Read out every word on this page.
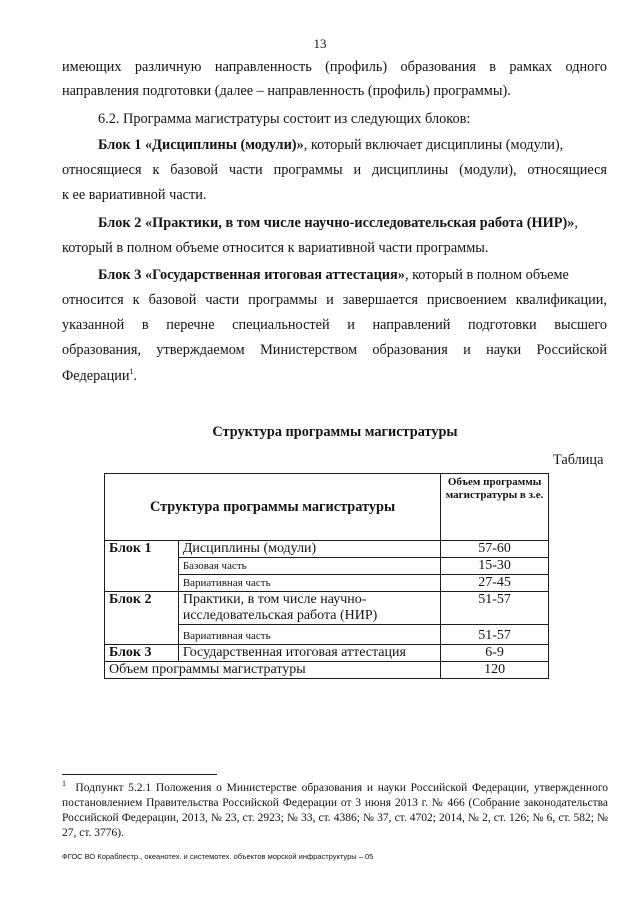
13
имеющих различную направленность (профиль) образования в рамках одного
направления подготовки (далее – направленность (профиль) программы).
6.2. Программа магистратуры состоит из следующих блоков:
Блок 1 «Дисциплины (модули)», который включает дисциплины (модули),
относящиеся к базовой части программы и дисциплины (модули), относящиеся
к ее вариативной части.
Блок 2 «Практики, в том числе научно-исследовательская работа (НИР)»,
который в полном объеме относится к вариативной части программы.
Блок 3 «Государственная итоговая аттестация», который в полном объеме
относится к базовой части программы и завершается присвоением квалификации,
указанной в перечне специальностей и направлений подготовки высшего
образования, утверждаемом Министерством образования и науки Российской
Федерации$^1$.
Структура программы магистратуры
Таблица
Структура программы магистратуры		Объем программы магистратуры в з.е.
Блок 1	Дисциплины (модули)	57-60
	Базовая часть	15-30
	Вариативная часть	27-45
Блок 2	Практики, в том числе научно-исследовательская работа (НИР)	51-57
	Вариативная часть	51-57
Блок 3	Государственная итоговая аттестация	6-9
Объем программы магистратуры		120
$^1$ Подпункт 5.2.1 Положения о Министерстве образования и науки Российской Федерации, утвержденного постановлением Правительства Российской Федерации от 3 июня 2013 г. № 466 (Собрание законодательства Российской Федерации, 2013, № 23, ст. 2923; № 33, ст. 4386; № 37, ст. 4702; 2014, № 2, ст. 126; № 6, ст. 582; № 27, ст. 3776).
ФГОС ВО Кораблестр., океанотех. и системотех. объектов морской инфраструктуры – 05
